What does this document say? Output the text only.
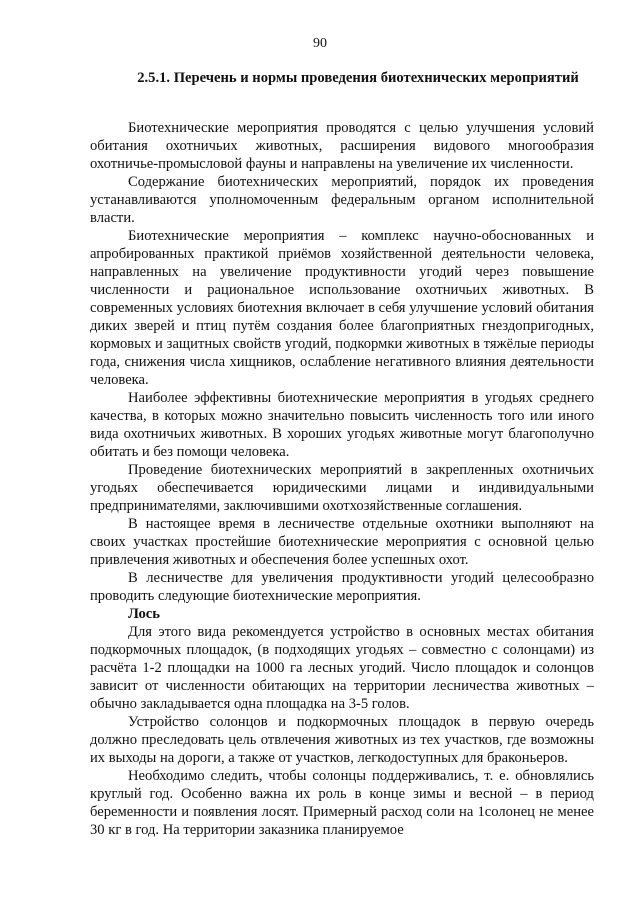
90
2.5.1. Перечень и нормы проведения биотехнических мероприятий

Биотехнические мероприятия проводятся с целью улучшения условий обитания охотничьих животных, расширения видового многообразия охотничье-промысловой фауны и направлены на увеличение их численности.

Содержание биотехнических мероприятий, порядок их проведения устанавливаются уполномоченным федеральным органом исполнительной власти.

Биотехнические мероприятия – комплекс научно-обоснованных и апробированных практикой приёмов хозяйственной деятельности человека, направленных на увеличение продуктивности угодий через повышение численности и рациональное использование охотничьих животных. В современных условиях биотехния включает в себя улучшение условий обитания диких зверей и птиц путём создания более благоприятных гнездопригодных, кормовых и защитных свойств угодий, подкормки животных в тяжёлые периоды года, снижения числа хищников, ослабление негативного влияния деятельности человека.

Наиболее эффективны биотехнические мероприятия в угодьях среднего качества, в которых можно значительно повысить численность того или иного вида охотничьих животных. В хороших угодьях животные могут благополучно обитать и без помощи человека.

Проведение биотехнических мероприятий в закрепленных охотничьих угодьях обеспечивается юридическими лицами и индивидуальными предпринимателями, заключившими охотхозяйственные соглашения.

В настоящее время в лесничестве отдельные охотники выполняют на своих участках простейшие биотехнические мероприятия с основной целью привлечения животных и обеспечения более успешных охот.

В лесничестве для увеличения продуктивности угодий целесообразно проводить следующие биотехнические мероприятия.

Лось

Для этого вида рекомендуется устройство в основных местах обитания подкормочных площадок, (в подходящих угодьях – совместно с солонцами) из расчёта 1-2 площадки на 1000 га лесных угодий. Число площадок и солонцов зависит от численности обитающих на территории лесничества животных – обычно закладывается одна площадка на 3-5 голов.

Устройство солонцов и подкормочных площадок в первую очередь должно преследовать цель отвлечения животных из тех участков, где возможны их выходы на дороги, а также от участков, легкодоступных для браконьеров.

Необходимо следить, чтобы солонцы поддерживались, т. е. обновлялись круглый год. Особенно важна их роль в конце зимы и весной – в период беременности и появления лосят. Примерный расход соли на 1солонец не менее 30 кг в год. На территории заказника планируемое
